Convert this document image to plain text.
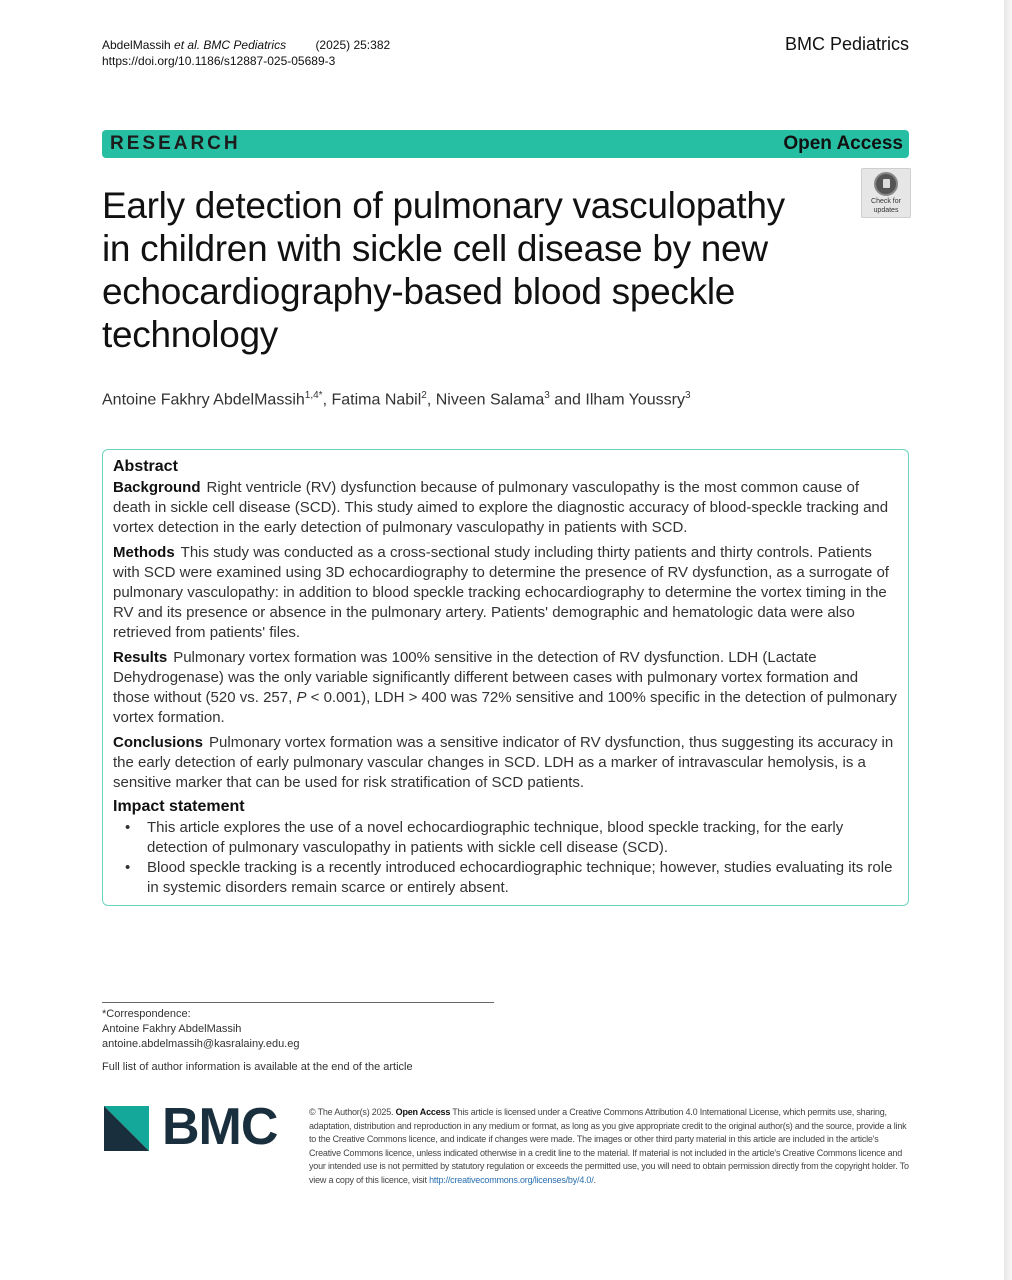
AbdelMassih et al. BMC Pediatrics (2025) 25:382
https://doi.org/10.1186/s12887-025-05689-3
BMC Pediatrics
RESEARCH	Open Access
Early detection of pulmonary vasculopathy in children with sickle cell disease by new echocardiography-based blood speckle technology
Check for
updates
Antoine Fakhry AbdelMassih$^{1,4*}$, Fatima Nabil$^2$, Niveen Salama$^3$ and Ilham Youssry$^3$
Abstract

Background Right ventricle (RV) dysfunction because of pulmonary vasculopathy is the most common cause of death in sickle cell disease (SCD). This study aimed to explore the diagnostic accuracy of blood-speckle tracking and vortex detection in the early detection of pulmonary vasculopathy in patients with SCD.

Methods This study was conducted as a cross-sectional study including thirty patients and thirty controls. Patients with SCD were examined using 3D echocardiography to determine the presence of RV dysfunction, as a surrogate of pulmonary vasculopathy: in addition to blood speckle tracking echocardiography to determine the vortex timing in the RV and its presence or absence in the pulmonary artery. Patients' demographic and hematologic data were also retrieved from patients' files.

Results Pulmonary vortex formation was 100% sensitive in the detection of RV dysfunction. LDH (Lactate Dehydrogenase) was the only variable significantly different between cases with pulmonary vortex formation and those without (520 vs. 257, P < 0.001), LDH > 400 was 72% sensitive and 100% specific in the detection of pulmonary vortex formation.

Conclusions Pulmonary vortex formation was a sensitive indicator of RV dysfunction, thus suggesting its accuracy in the early detection of early pulmonary vascular changes in SCD. LDH as a marker of intravascular hemolysis, is a sensitive marker that can be used for risk stratification of SCD patients.

Impact statement
• This article explores the use of a novel echocardiographic technique, blood speckle tracking, for the early detection of pulmonary vasculopathy in patients with sickle cell disease (SCD).
• Blood speckle tracking is a recently introduced echocardiographic technique; however, studies evaluating its role in systemic disorders remain scarce or entirely absent.
*Correspondence:
Antoine Fakhry AbdelMassih
antoine.abdelmassih@kasralainy.edu.eg
Full list of author information is available at the end of the article
BMC	© The Author(s) 2025. Open Access This article is licensed under a Creative Commons Attribution 4.0 International License, which permits use, sharing, adaptation, distribution and reproduction in any medium or format, as long as you give appropriate credit to the original author(s) and the source, provide a link to the Creative Commons licence, and indicate if changes were made. The images or other third party material in this article are included in the article's Creative Commons licence, unless indicated otherwise in a credit line to the material. If material is not included in the article's Creative Commons licence and your intended use is not permitted by statutory regulation or exceeds the permitted use, you will need to obtain permission directly from the copyright holder. To view a copy of this licence, visit http://creativecommons.org/licenses/by/4.0/.
